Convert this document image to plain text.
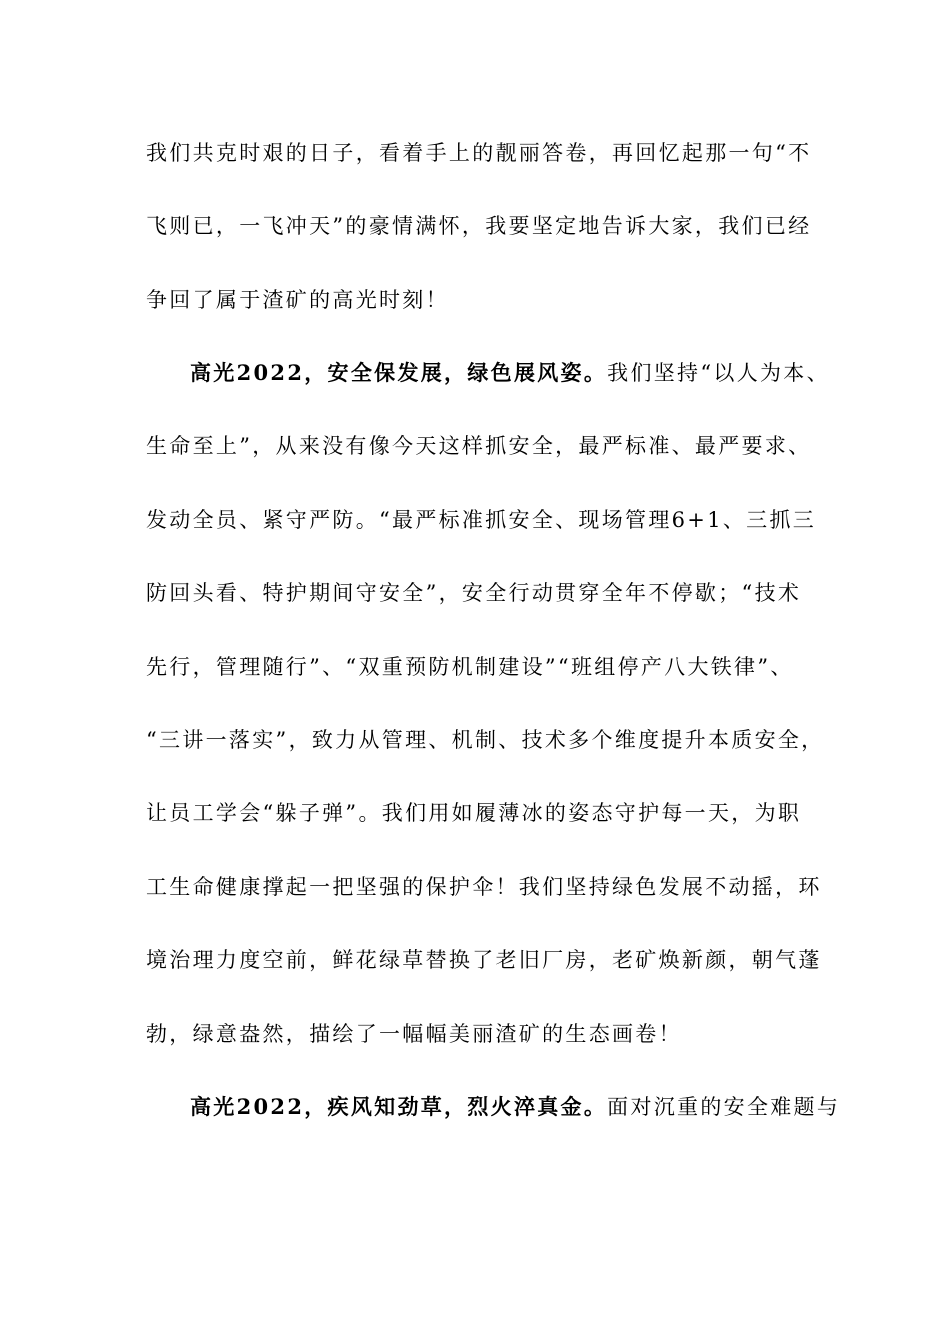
我们共克时艰的日子，看着手上的靓丽答卷，再回忆起那一句“不
飞则已，一飞冲天”的豪情满怀，我要坚定地告诉大家，我们已经
争回了属于渣矿的高光时刻！
高光2022，安全保发展，绿色展风姿。我们坚持“以人为本、
生命至上”，从来没有像今天这样抓安全，最严标准、最严要求、
发动全员、紧守严防。“最严标准抓安全、现场管理6+1、三抓三
防回头看、特护期间守安全”，安全行动贯穿全年不停歇；“技术
先行，管理随行”、“双重预防机制建设”“班组停产八大铁律”、
“三讲一落实”，致力从管理、机制、技术多个维度提升本质安全，
让员工学会“躲子弹”。我们用如履薄冰的姿态守护每一天，为职
工生命健康撑起一把坚强的保护伞！我们坚持绿色发展不动摇，环
境治理力度空前，鲜花绿草替换了老旧厂房，老矿焕新颜，朝气蓬
勃，绿意盎然，描绘了一幅幅美丽渣矿的生态画卷！
高光2022，疾风知劲草，烈火淬真金。面对沉重的安全难题与
